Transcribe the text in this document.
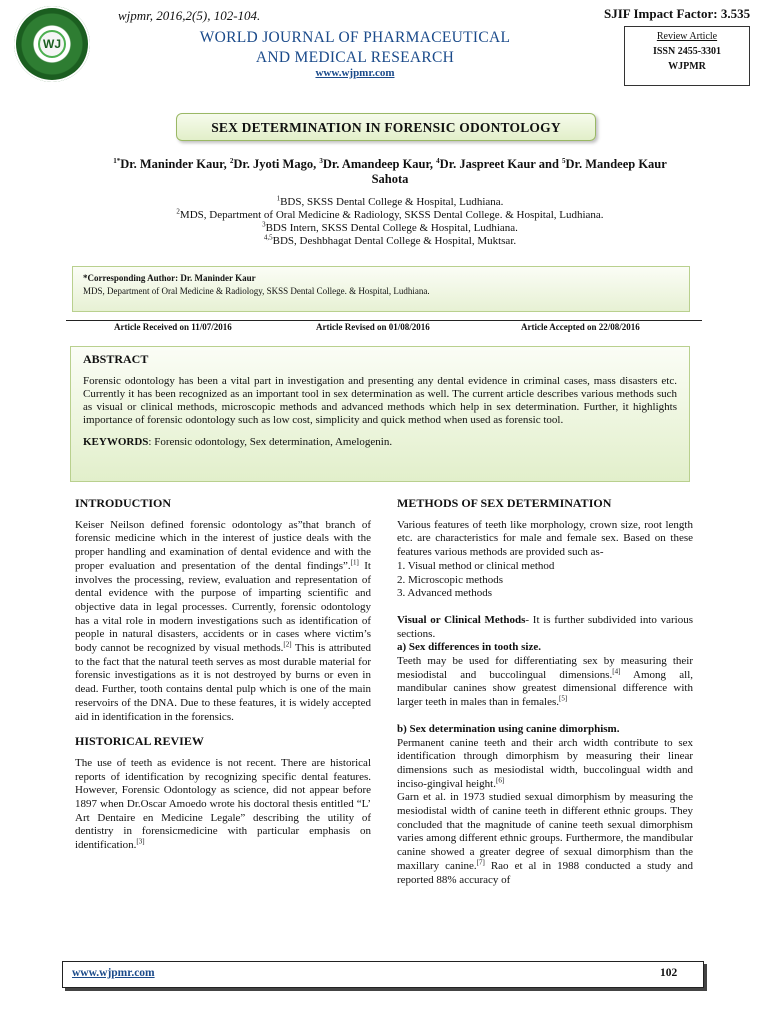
WJ
wjpmr, 2016,2(5), 102-104.
WORLD JOURNAL OF PHARMACEUTICAL
AND MEDICAL RESEARCH
www.wjpmr.com
SJIF Impact Factor: 3.535
Review Article
ISSN 2455-3301
WJPMR
SEX DETERMINATION IN FORENSIC ODONTOLOGY
$^{1*}$Dr. Maninder Kaur, $^2$Dr. Jyoti Mago, $^3$Dr. Amandeep Kaur, $^4$Dr. Jaspreet Kaur and $^5$Dr. Mandeep Kaur
Sahota
$^1$BDS, SKSS Dental College & Hospital, Ludhiana.
$^2$MDS, Department of Oral Medicine & Radiology, SKSS Dental College. & Hospital, Ludhiana.
$^3$BDS Intern, SKSS Dental College & Hospital, Ludhiana.
$^{4,5}$BDS, Deshbhagat Dental College & Hospital, Muktsar.
*Corresponding Author: Dr. Maninder Kaur
MDS, Department of Oral Medicine & Radiology, SKSS Dental College. & Hospital, Ludhiana.
Article Received on 11/07/2016	Article Revised on 01/08/2016	Article Accepted on 22/08/2016
ABSTRACT
Forensic odontology has been a vital part in investigation and presenting any dental evidence in criminal cases, mass disasters etc. Currently it has been recognized as an important tool in sex determination as well. The current article describes various methods such as visual or clinical methods, microscopic methods and advanced methods which help in sex determination. Further, it highlights importance of forensic odontology such as low cost, simplicity and quick method when used as forensic tool.
KEYWORDS: Forensic odontology, Sex determination, Amelogenin.
INTRODUCTION

Keiser Neilson defined forensic odontology as”that branch of forensic medicine which in the interest of justice deals with the proper handling and examination of dental evidence and with the proper evaluation and presentation of the dental findings”.[1] It involves the processing, review, evaluation and representation of dental evidence with the purpose of imparting scientific and objective data in legal processes. Currently, forensic odontology has a vital role in modern investigations such as identification of people in natural disasters, accidents or in cases where victim’s body cannot be recognized by visual methods.[2] This is attributed to the fact that the natural teeth serves as most durable material for forensic investigations as it is not destroyed by burns or even in dead. Further, tooth contains dental pulp which is one of the main reservoirs of the DNA. Due to these features, it is widely accepted aid in identification in the forensics.

HISTORICAL REVIEW

The use of teeth as evidence is not recent. There are historical reports of identification by recognizing specific dental features. However, Forensic Odontology as science, did not appear before 1897 when Dr.Oscar Amoedo wrote his doctoral thesis entitled “L’ Art Dentaire en Medicine Legale” describing the utility of dentistry in forensicmedicine with particular emphasis on identification.[3]

METHODS OF SEX DETERMINATION

Various features of teeth like morphology, crown size, root length etc. are characteristics for male and female sex. Based on these features various methods are provided such as-

1. Visual method or clinical method
2. Microscopic methods
3. Advanced methods

Visual or Clinical Methods- It is further subdivided into various sections.

a) Sex differences in tooth size.

Teeth may be used for differentiating sex by measuring their mesiodistal and buccolingual dimensions.[4] Among all, mandibular canines show greatest dimensional difference with larger teeth in males than in females.[5]

b) Sex determination using canine dimorphism.

Permanent canine teeth and their arch width contribute to sex identification through dimorphism by measuring their linear dimensions such as mesiodistal width, buccolingual width and inciso-gingival height.[6]

Garn et al. in 1973 studied sexual dimorphism by measuring the mesiodistal width of canine teeth in different ethnic groups. They concluded that the magnitude of canine teeth sexual dimorphism varies among different ethnic groups. Furthermore, the mandibular canine showed a greater degree of sexual dimorphism than the maxillary canine.[7] Rao et al in 1988 conducted a study and reported 88% accuracy of

www.wjpmr.com	102
